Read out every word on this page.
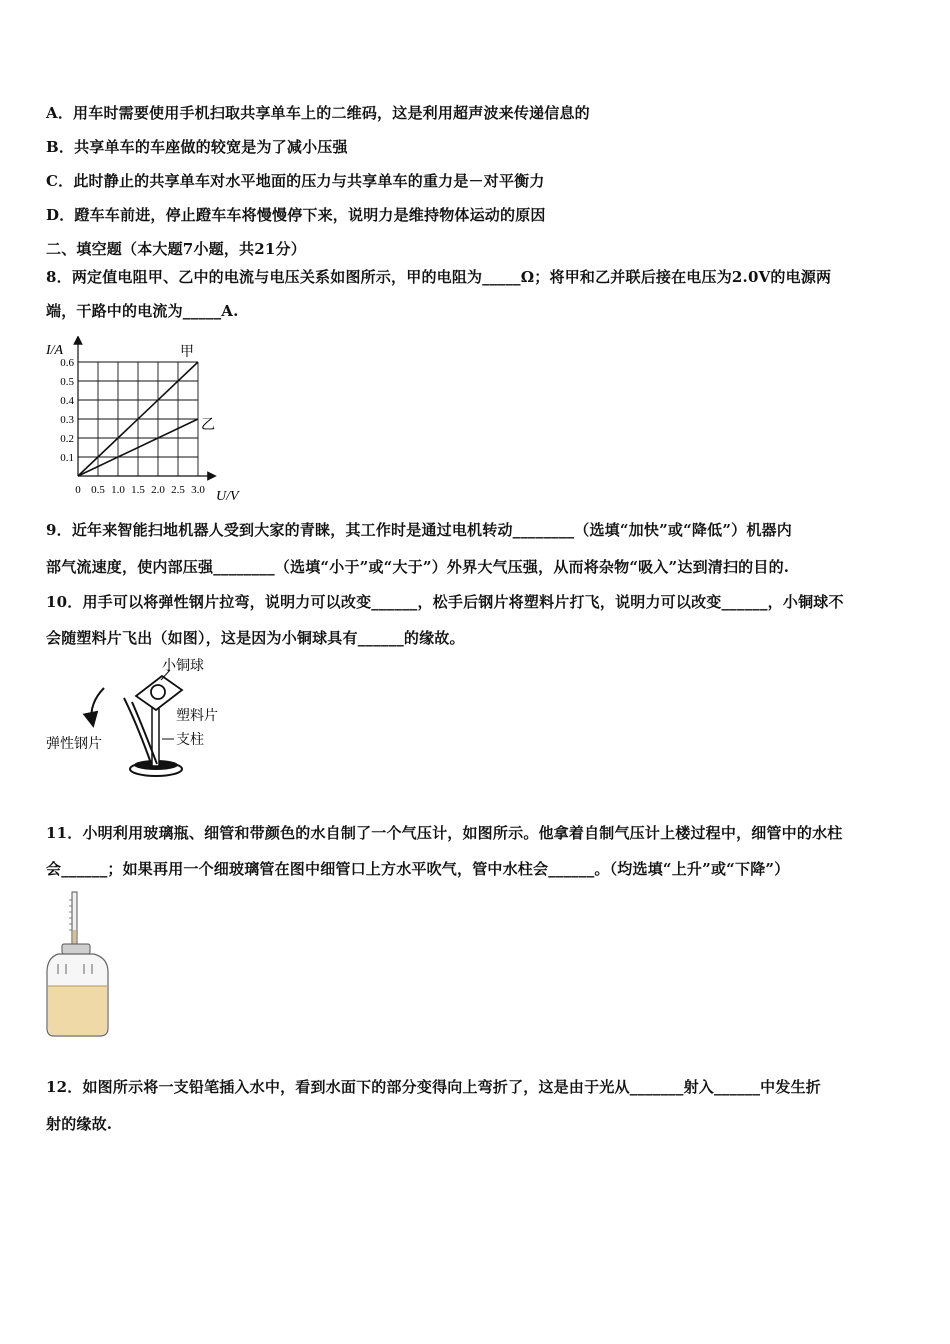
A．用车时需要使用手机扫取共享单车上的二维码，这是利用超声波来传递信息的
B．共享单车的车座做的较宽是为了减小压强
C．此时静止的共享单车对水平地面的压力与共享单车的重力是－对平衡力
D．蹬车车前进，停止蹬车车将慢慢停下来，说明力是维持物体运动的原因
二、填空题（本大题7小题，共21分）
8．两定值电阻甲、乙中的电流与电压关系如图所示，甲的电阻为_____Ω；将甲和乙并联后接在电压为2.0V的电源两
端，干路中的电流为_____A.
甲
乙
0 0.5 1.0 1.5 2.0 2.5 3.0
0.1
0.2
0.3
0.4
0.5
0.6
I/A
U/V
9．近年来智能扫地机器人受到大家的青睐，其工作时是通过电机转动________（选填“加快”或“降低”）机器内
部气流速度，使内部压强________（选填“小于”或“大于”）外界大气压强，从而将杂物“吸入”达到清扫的目的.
10．用手可以将弹性钢片拉弯，说明力可以改变______，松手后钢片将塑料片打飞，说明力可以改变______，小铜球不
会随塑料片飞出（如图），这是因为小铜球具有______的缘故。
小铜球
塑料片
弹性钢片	支柱
11．小明利用玻璃瓶、细管和带颜色的水自制了一个气压计，如图所示。他拿着自制气压计上楼过程中，细管中的水柱
会______；如果再用一个细玻璃管在图中细管口上方水平吹气，管中水柱会______。（均选填“上升”或“下降”）
12．如图所示将一支铅笔插入水中，看到水面下的部分变得向上弯折了，这是由于光从_______射入______中发生折
射的缘故.
